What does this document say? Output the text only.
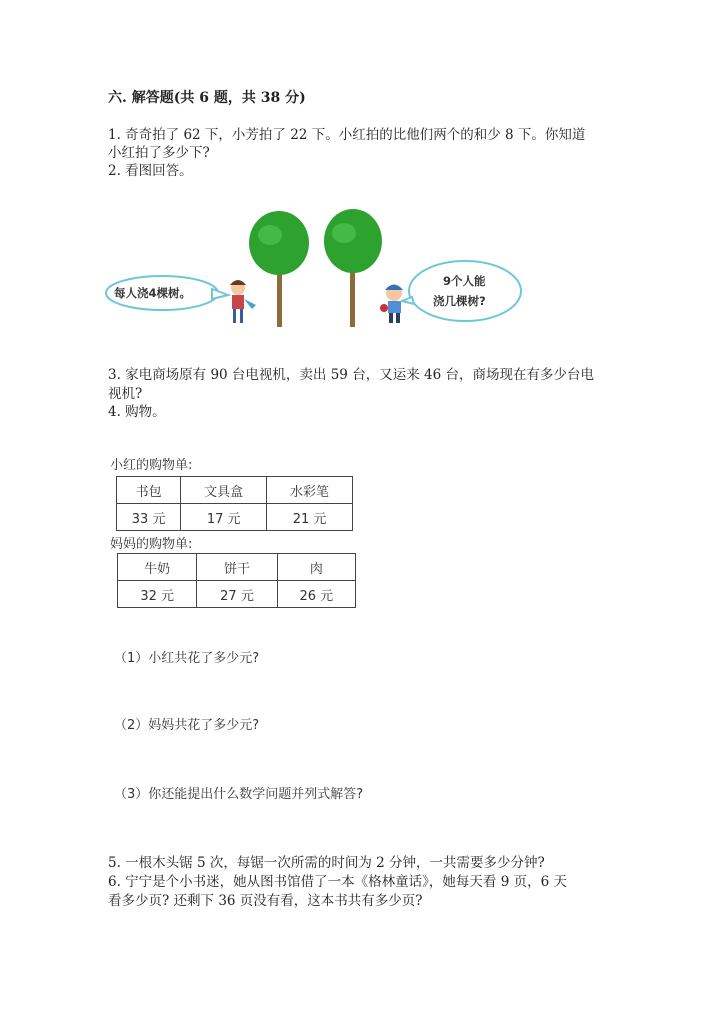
六. 解答题(共 6 题，共 38 分)
1. 奇奇拍了 62 下，小芳拍了 22 下。小红拍的比他们两个的和少 8 下。你知道
小红拍了多少下?
2. 看图回答。
每人浇4棵树。
9个人能
浇几棵树?
3. 家电商场原有 90 台电视机，卖出 59 台，又运来 46 台，商场现在有多少台电
视机?
4. 购物。
小红的购物单:
书包	文具盒	水彩笔
33 元	17 元	21 元
妈妈的购物单:
牛奶	饼干	肉
32 元	27 元	26 元
（1）小红共花了多少元?
（2）妈妈共花了多少元?
（3）你还能提出什么数学问题并列式解答?
5. 一根木头锯 5 次，每锯一次所需的时间为 2 分钟，一共需要多少分钟?
6. 宁宁是个小书迷，她从图书馆借了一本《格林童话》，她每天看 9 页，6 天
看多少页? 还剩下 36 页没有看，这本书共有多少页?
